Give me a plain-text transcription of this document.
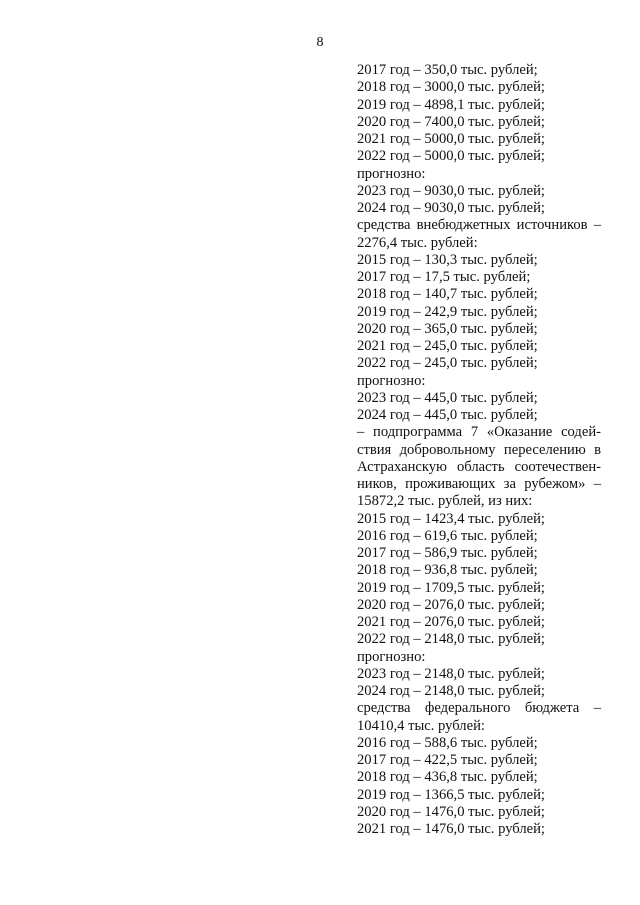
8
2017 год – 350,0 тыс. рублей;
2018 год – 3000,0 тыс. рублей;
2019 год – 4898,1 тыс. рублей;
2020 год – 7400,0 тыс. рублей;
2021 год – 5000,0 тыс. рублей;
2022 год – 5000,0 тыс. рублей;
прогнозно:
2023 год – 9030,0 тыс. рублей;
2024 год – 9030,0 тыс. рублей;
средства внебюджетных источников –
2276,4 тыс. рублей:
2015 год – 130,3 тыс. рублей;
2017 год – 17,5 тыс. рублей;
2018 год – 140,7 тыс. рублей;
2019 год – 242,9 тыс. рублей;
2020 год – 365,0 тыс. рублей;
2021 год – 245,0 тыс. рублей;
2022 год – 245,0 тыс. рублей;
прогнозно:
2023 год – 445,0 тыс. рублей;
2024 год – 445,0 тыс. рублей;
– подпрограмма 7 «Оказание содей-
ствия добровольному переселению в
Астраханскую область соотечествен-
ников, проживающих за рубежом» –
15872,2 тыс. рублей, из них:
2015 год – 1423,4 тыс. рублей;
2016 год – 619,6 тыс. рублей;
2017 год – 586,9 тыс. рублей;
2018 год – 936,8 тыс. рублей;
2019 год – 1709,5 тыс. рублей;
2020 год – 2076,0 тыс. рублей;
2021 год – 2076,0 тыс. рублей;
2022 год – 2148,0 тыс. рублей;
прогнозно:
2023 год – 2148,0 тыс. рублей;
2024 год – 2148,0 тыс. рублей;
средства федерального бюджета –
10410,4 тыс. рублей:
2016 год – 588,6 тыс. рублей;
2017 год – 422,5 тыс. рублей;
2018 год – 436,8 тыс. рублей;
2019 год – 1366,5 тыс. рублей;
2020 год – 1476,0 тыс. рублей;
2021 год – 1476,0 тыс. рублей;
